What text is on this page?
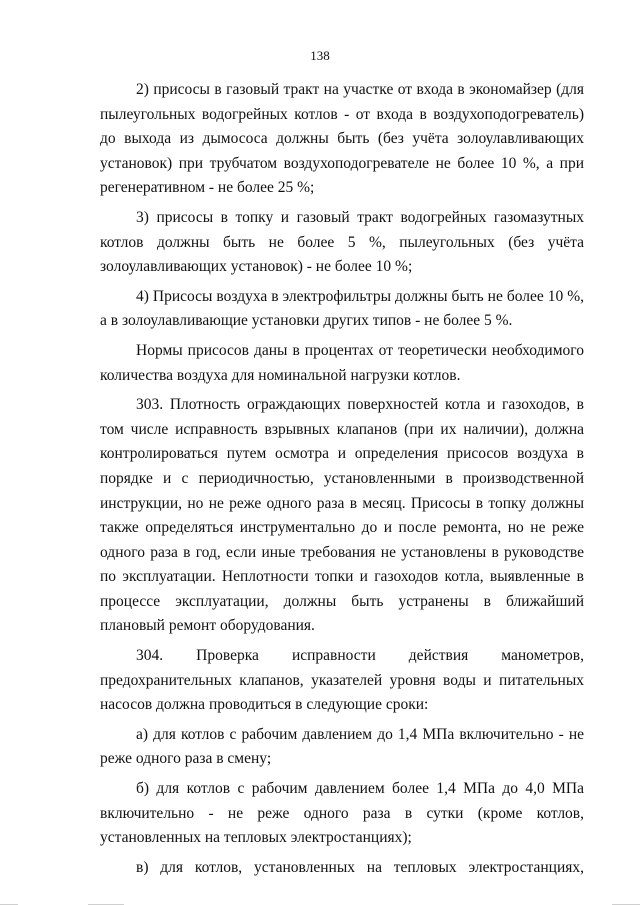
138

2) присосы в газовый тракт на участке от входа в экономайзер (для пылеугольных водогрейных котлов - от входа в воздухоподогреватель) до выхода из дымососа должны быть (без учёта золоулавливающих установок) при трубчатом воздухоподогревателе не более 10 %, а при регенеративном - не более 25 %;

3) присосы в топку и газовый тракт водогрейных газомазутных котлов должны быть не более 5 %, пылеугольных (без учёта золоулавливающих установок) - не более 10 %;

4) Присосы воздуха в электрофильтры должны быть не более 10 %, а в золоулавливающие установки других типов - не более 5 %.

Нормы присосов даны в процентах от теоретически необходимого количества воздуха для номинальной нагрузки котлов.

303. Плотность ограждающих поверхностей котла и газоходов, в том числе исправность взрывных клапанов (при их наличии), должна контролироваться путем осмотра и определения присосов воздуха в порядке и с периодичностью, установленными в производственной инструкции, но не реже одного раза в месяц. Присосы в топку должны также определяться инструментально до и после ремонта, но не реже одного раза в год, если иные требования не установлены в руководстве по эксплуатации. Неплотности топки и газоходов котла, выявленные в процессе эксплуатации, должны быть устранены в ближайший плановый ремонт оборудования.

304. Проверка исправности действия манометров, предохранительных клапанов, указателей уровня воды и питательных насосов должна проводиться в следующие сроки:

а) для котлов с рабочим давлением до 1,4 МПа включительно - не реже одного раза в смену;

б) для котлов с рабочим давлением более 1,4 МПа до 4,0 МПа включительно - не реже одного раза в сутки (кроме котлов, установленных на тепловых электростанциях);

в) для котлов, установленных на тепловых электростанциях,
